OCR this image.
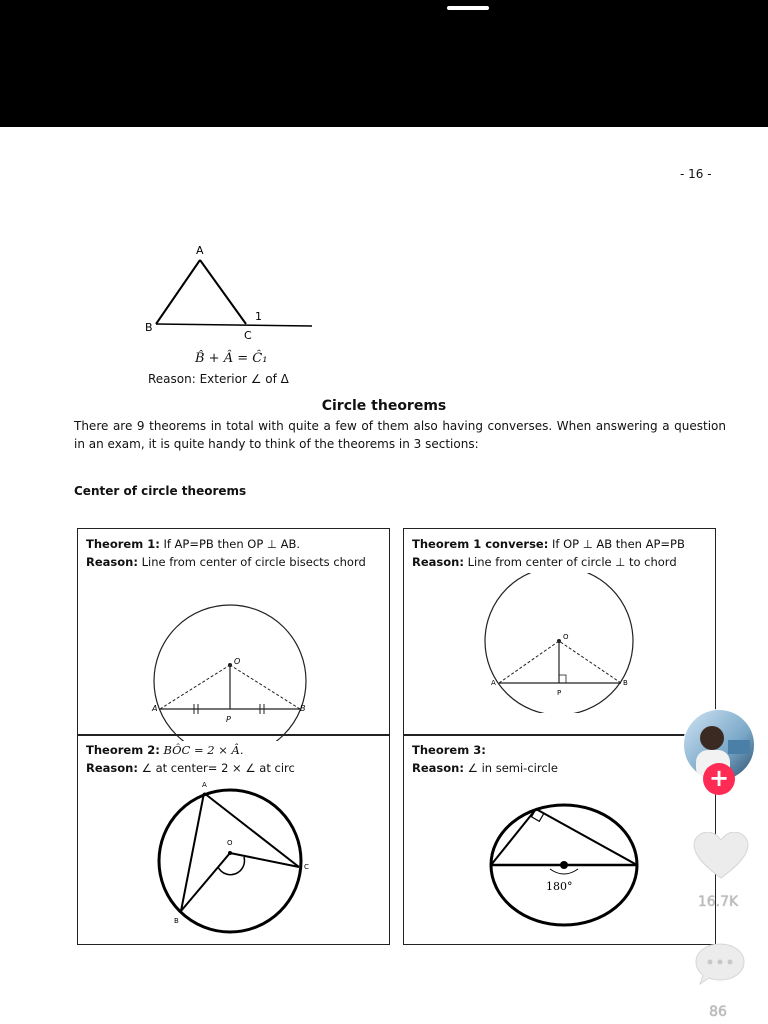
- 16 -
A
B
C
1
B̂ + Â = Ĉ₁
Reason: Exterior ∠ of Δ
Circle theorems
There are 9 theorems in total with quite a few of them also having converses. When answering a question in an exam, it is quite handy to think of the theorems in 3 sections:
Center of circle theorems
Theorem 1: If AP=PB then OP ⊥ AB.
Reason: Line from center of circle bisects chord
A	B
P
O
Theorem 1 converse: If OP ⊥ AB then AP=PB
Reason: Line from center of circle ⊥ to chord
A	B
P
O
Theorem 2: BÔC = 2 × Â.
Reason: ∠ at center= 2 × ∠ at circ
A
B
C
O
Theorem 3:
Reason: ∠ in semi-circle
180°
+
16.7K
86
